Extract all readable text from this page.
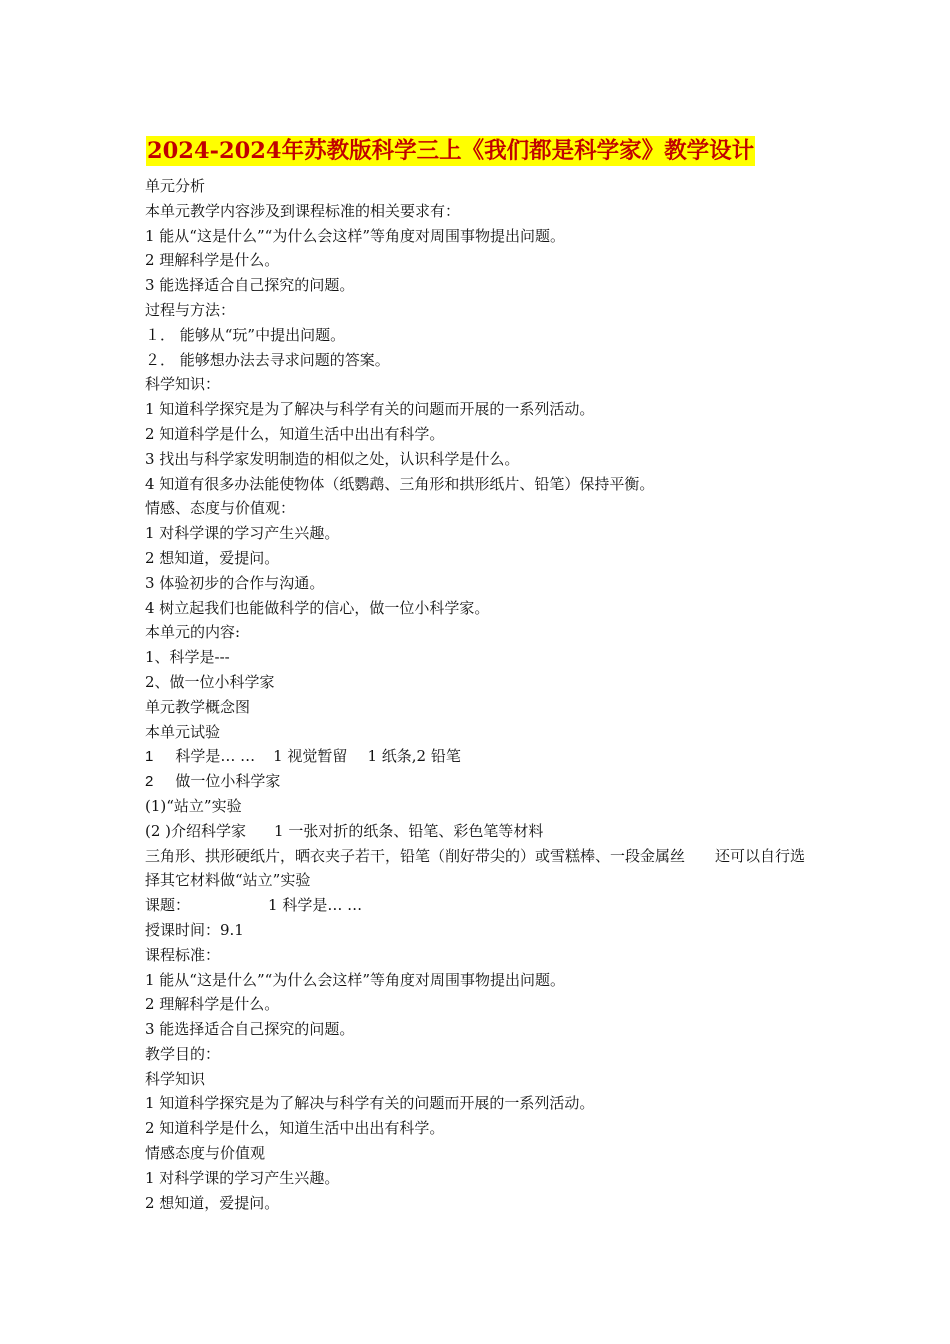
2024-2024年苏教版科学三上《我们都是科学家》教学设计
单元分析
本单元教学内容涉及到课程标准的相关要求有：
1 能从“这是什么”“为什么会这样”等角度对周围事物提出问题。
2 理解科学是什么。
3 能选择适合自己探究的问题。
过程与方法：
１． 能够从“玩”中提出问题。
２． 能够想办法去寻求问题的答案。
科学知识：
1 知道科学探究是为了解决与科学有关的问题而开展的一系列活动。
2 知道科学是什么，知道生活中出出有科学。
3 找出与科学家发明制造的相似之处，认识科学是什么。
4 知道有很多办法能使物体（纸鹦鹉、三角形和拱形纸片、铅笔）保持平衡。
情感、态度与价值观：
1 对科学课的学习产生兴趣。
2 想知道，爱提问。
3 体验初步的合作与沟通。
4 树立起我们也能做科学的信心，做一位小科学家。
本单元的内容:
1、科学是---
2、做一位小科学家
单元教学概念图
本单元试验
1 科学是… … 1 视觉暂留 1 纸条,2 铅笔
2 做一位小科学家
(1)“站立”实验
(2 )介绍科学家 1 一张对折的纸条、铅笔、彩色笔等材料
三角形、拱形硬纸片，晒衣夹子若干，铅笔（削好带尖的）或雪糕棒、一段金属丝　　还可以自行选择其它材料做“站立”实验
课题：	1 科学是… …
授课时间：9.1
课程标准：
1 能从“这是什么”“为什么会这样”等角度对周围事物提出问题。
2 理解科学是什么。
3 能选择适合自己探究的问题。
教学目的：
科学知识
1 知道科学探究是为了解决与科学有关的问题而开展的一系列活动。
2 知道科学是什么，知道生活中出出有科学。
情感态度与价值观
1 对科学课的学习产生兴趣。
2 想知道，爱提问。
